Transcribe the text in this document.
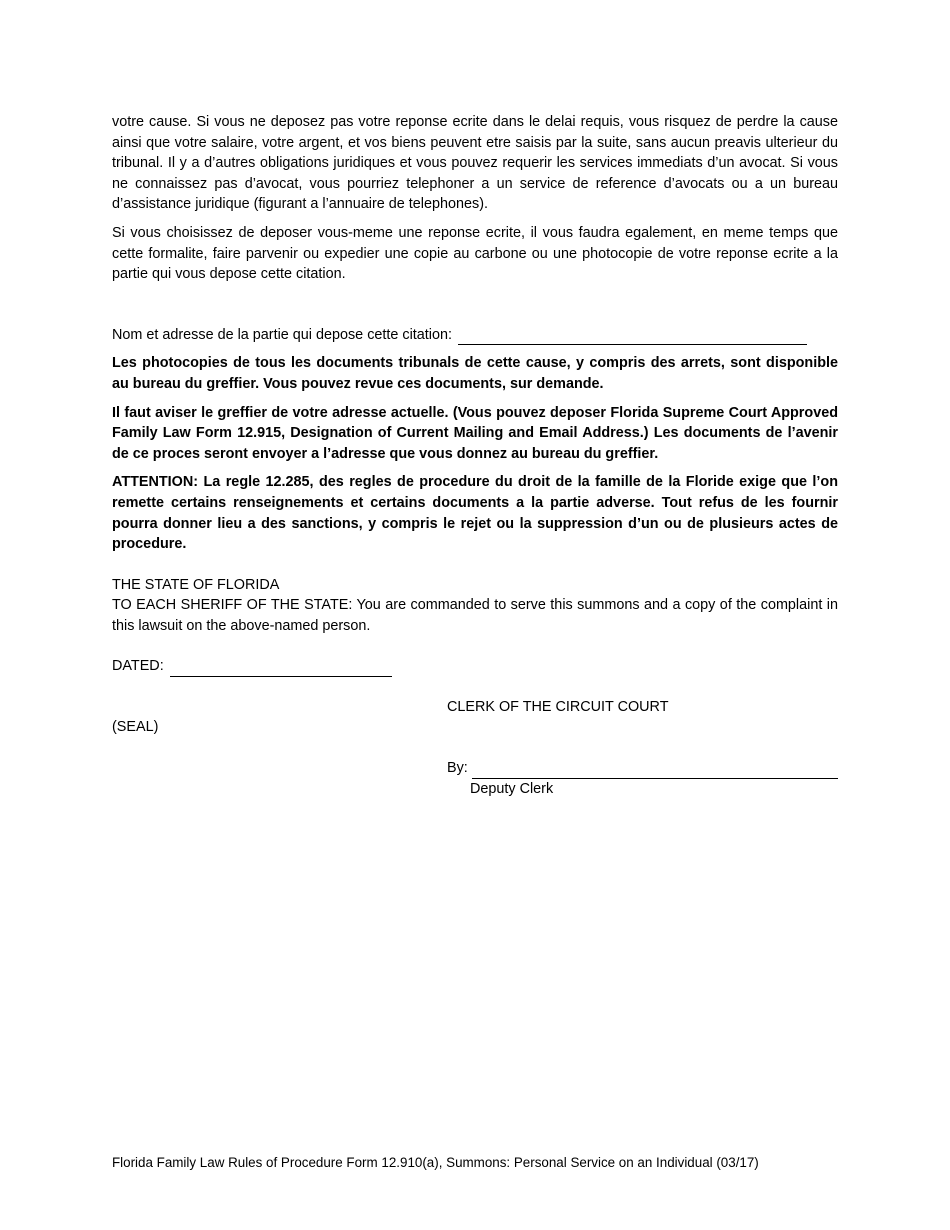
votre cause. Si vous ne deposez pas votre reponse ecrite dans le delai requis, vous risquez de perdre la cause ainsi que votre salaire, votre argent, et vos biens peuvent etre saisis par la suite, sans aucun preavis ulterieur du tribunal. Il y a d’autres obligations juridiques et vous pouvez requerir les services immediats d’un avocat. Si vous ne connaissez pas d’avocat, vous pourriez telephoner a un service de reference d’avocats ou a un bureau d’assistance juridique (figurant a l’annuaire de telephones).

Si vous choisissez de deposer vous-meme une reponse ecrite, il vous faudra egalement, en meme temps que cette formalite, faire parvenir ou expedier une copie au carbone ou une photocopie de votre reponse ecrite a la partie qui vous depose cette citation.

Nom et adresse de la partie qui depose cette citation:

Les photocopies de tous les documents tribunals de cette cause, y compris des arrets, sont disponible au bureau du greffier. Vous pouvez revue ces documents, sur demande.

Il faut aviser le greffier de votre adresse actuelle. (Vous pouvez deposer Florida Supreme Court Approved Family Law Form 12.915, Designation of Current Mailing and Email Address.) Les documents de l’avenir de ce proces seront envoyer a l’adresse que vous donnez au bureau du greffier.

ATTENTION: La regle 12.285, des regles de procedure du droit de la famille de la Floride exige que l’on remette certains renseignements et certains documents a la partie adverse. Tout refus de les fournir pourra donner lieu a des sanctions, y compris le rejet ou la suppression d’un ou de plusieurs actes de procedure.

THE STATE OF FLORIDA

TO EACH SHERIFF OF THE STATE: You are commanded to serve this summons and a copy of the complaint in this lawsuit on the above-named person.

DATED:
CLERK OF THE CIRCUIT COURT
(SEAL)
By:
Deputy Clerk
Florida Family Law Rules of Procedure Form 12.910(a), Summons: Personal Service on an Individual (03/17)
